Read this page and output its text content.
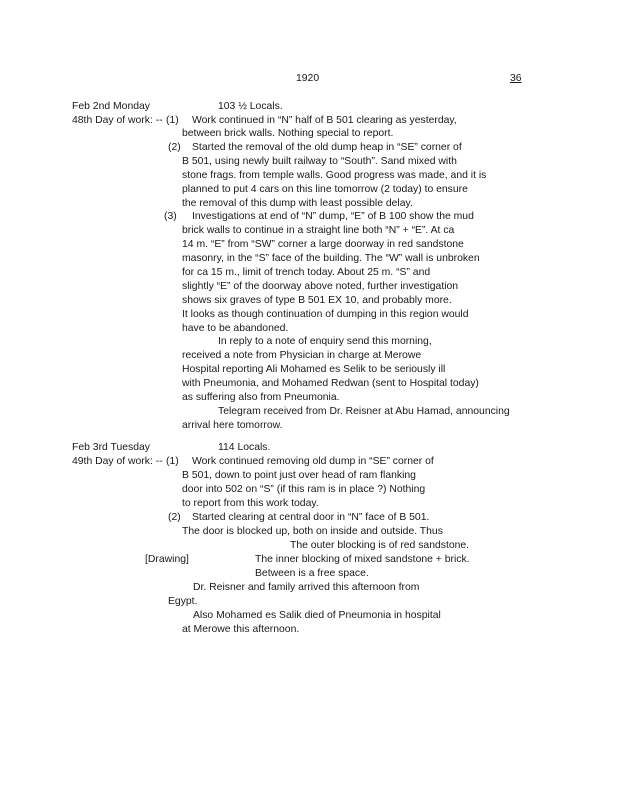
1920	36
Feb 2nd Monday	103 ½ Locals.
48th Day of work: -- (1) Work continued in “N” half of B 501 clearing as yesterday,
between brick walls. Nothing special to report.
(2) Started the removal of the old dump heap in “SE” corner of
B 501, using newly built railway to “South”. Sand mixed with
stone frags. from temple walls. Good progress was made, and it is
planned to put 4 cars on this line tomorrow (2 today) to ensure
the removal of this dump with least possible delay.
(3) Investigations at end of “N” dump, “E” of B 100 show the mud
brick walls to continue in a straight line both “N” + “E”. At ca
14 m. “E” from “SW” corner a large doorway in red sandstone
masonry, in the “S” face of the building. The “W” wall is unbroken
for ca 15 m., limit of trench today. About 25 m. “S” and
slightly “E” of the doorway above noted, further investigation
shows six graves of type B 501 EX 10, and probably more.
It looks as though continuation of dumping in this region would
have to be abandoned.
In reply to a note of enquiry send this morning,
received a note from Physician in charge at Merowe
Hospital reporting Ali Mohamed es Selik to be seriously ill
with Pneumonia, and Mohamed Redwan (sent to Hospital today)
as suffering also from Pneumonia.
Telegram received from Dr. Reisner at Abu Hamad, announcing
arrival here tomorrow.
Feb 3rd Tuesday	114 Locals.
49th Day of work: -- (1) Work continued removing old dump in “SE” corner of
B 501, down to point just over head of ram flanking
door into 502 on “S” (if this ram is in place ?) Nothing
to report from this work today.
(2) Started clearing at central door in “N” face of B 501.
The door is blocked up, both on inside and outside. Thus
The outer blocking is of red sandstone.
[Drawing]	The inner blocking of mixed sandstone + brick.
Between is a free space.
Dr. Reisner and family arrived this afternoon from
Egypt.
Also Mohamed es Salik died of Pneumonia in hospital
at Merowe this afternoon.
